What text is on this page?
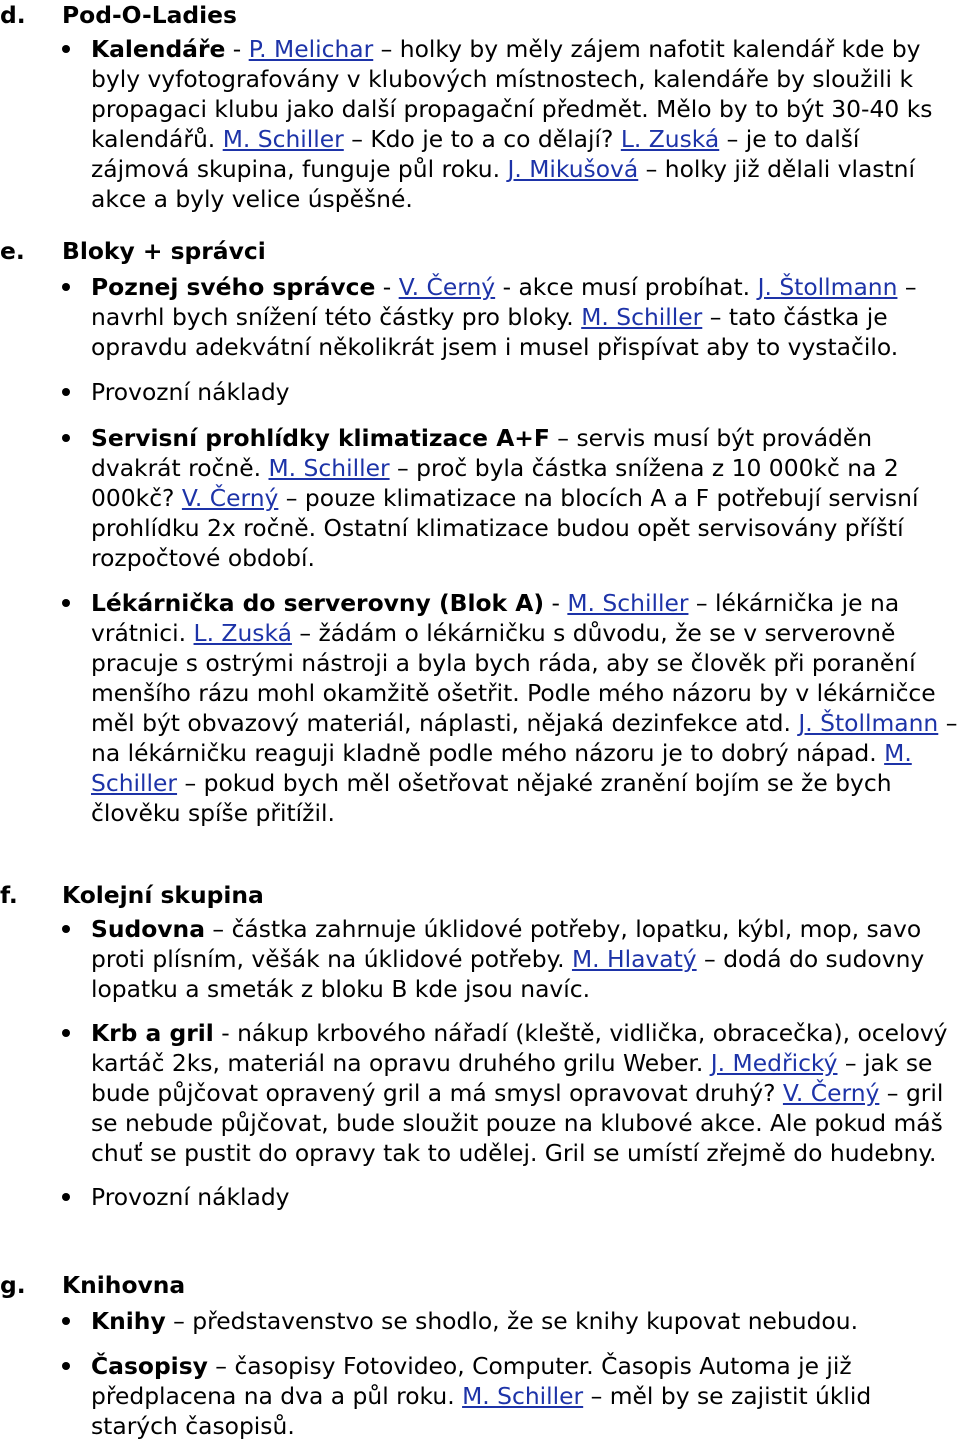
d. Pod-O-Ladies
Kalendáře - P. Melichar – holky by měly zájem nafotit kalendář kde by byly vyfotografovány v klubových místnostech, kalendáře by sloužili k propagaci klubu jako další propagační předmět. Mělo by to být 30-40 ks kalendářů. M. Schiller – Kdo je to a co dělají? L. Zuská – je to další zájmová skupina, funguje půl roku. J. Mikušová – holky již dělali vlastní akce a byly velice úspěšné.
e. Bloky + správci
Poznej svého správce - V. Černý - akce musí probíhat. J. Štollmann – navrhl bych snížení této částky pro bloky. M. Schiller – tato částka je opravdu adekvátní několikrát jsem i musel přispívat aby to vystačilo.
Provozní náklady
Servisní prohlídky klimatizace A+F – servis musí být prováděn dvakrát ročně. M. Schiller – proč byla částka snížena z 10 000kč na 2 000kč? V. Černý – pouze klimatizace na blocích A a F potřebují servisní prohlídku 2x ročně. Ostatní klimatizace budou opět servisovány příští rozpočtové období.
Lékárnička do serverovny (Blok A) - M. Schiller – lékárnička je na vrátnici. L. Zuská – žádám o lékárničku s důvodu, že se v serverovně pracuje s ostrými nástroji a byla bych ráda, aby se člověk při poranění menšího rázu mohl okamžitě ošetřit. Podle mého názoru by v lékárničce měl být obvazový materiál, náplasti, nějaká dezinfekce atd. J. Štollmann – na lékárničku reaguji kladně podle mého názoru je to dobrý nápad. M. Schiller – pokud bych měl ošetřovat nějaké zranění bojím se že bych člověku spíše přitížil.
f. Kolejní skupina
Sudovna – částka zahrnuje úklidové potřeby, lopatku, kýbl, mop, savo proti plísním, věšák na úklidové potřeby. M. Hlavatý – dodá do sudovny lopatku a smeták z bloku B kde jsou navíc.
Krb a gril - nákup krbového nářadí (kleště, vidlička, obracečka), ocelový kartáč 2ks, materiál na opravu druhého grilu Weber. J. Medřický – jak se bude půjčovat opravený gril a má smysl opravovat druhý? V. Černý – gril se nebude půjčovat, bude sloužit pouze na klubové akce. Ale pokud máš chuť se pustit do opravy tak to udělej. Gril se umístí zřejmě do hudebny.
Provozní náklady
g. Knihovna
Knihy – představenstvo se shodlo, že se knihy kupovat nebudou.
Časopisy – časopisy Fotovideo, Computer. Časopis Automa je již předplacena na dva a půl roku. M. Schiller – měl by se zajistit úklid starých časopisů.
